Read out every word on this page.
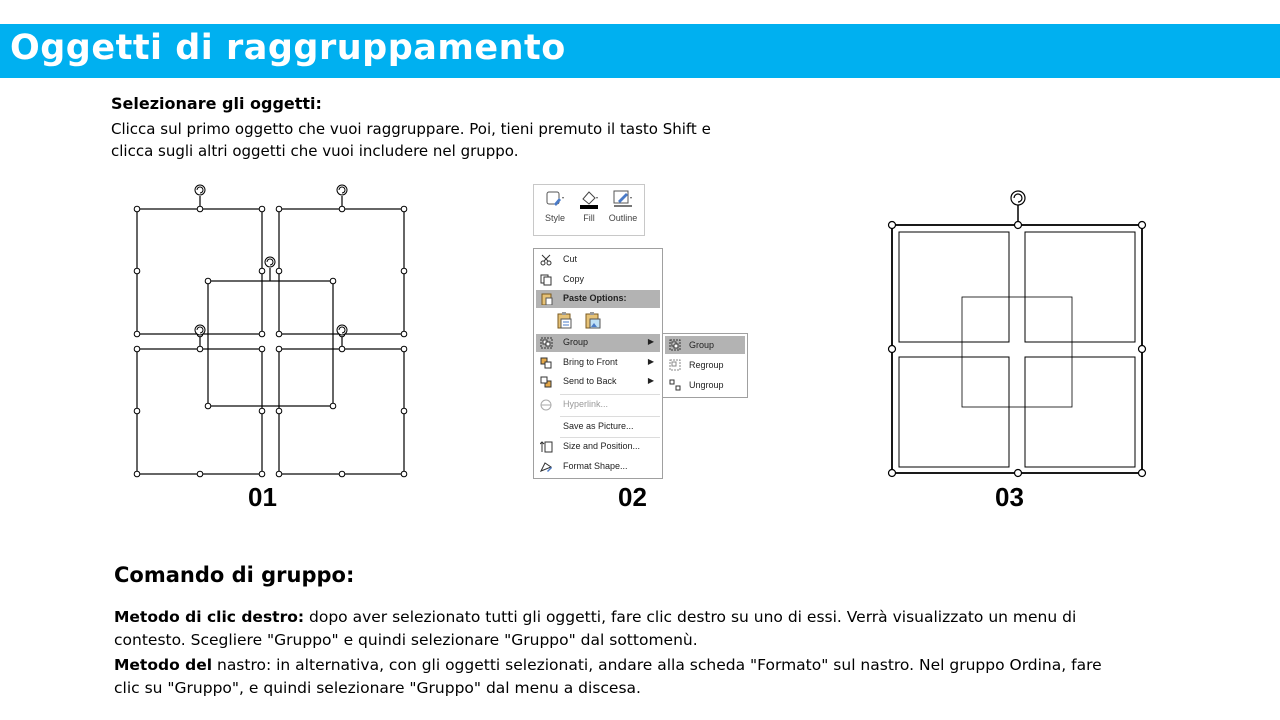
Oggetti di raggruppamento
Selezionare gli oggetti:
Clicca sul primo oggetto che vuoi raggruppare. Poi, tieni premuto il tasto Shift e
clicca sugli altri oggetti che vuoi includere nel gruppo.
01
Style	Fill	Outline
Cut
Copy
Paste Options:
Group	▶
Bring to Front	▶
Send to Back	▶
Hyperlink...
Save as Picture...
Size and Position...
Format Shape...
Group
Regroup
Ungroup
02	03
Comando di gruppo:
Metodo di clic destro: dopo aver selezionato tutti gli oggetti, fare clic destro su uno di essi. Verrà visualizzato un menu di
contesto. Scegliere "Gruppo" e quindi selezionare "Gruppo" dal sottomenù.
Metodo del nastro: in alternativa, con gli oggetti selezionati, andare alla scheda "Formato" sul nastro. Nel gruppo Ordina, fare
clic su "Gruppo", e quindi selezionare "Gruppo" dal menu a discesa.
